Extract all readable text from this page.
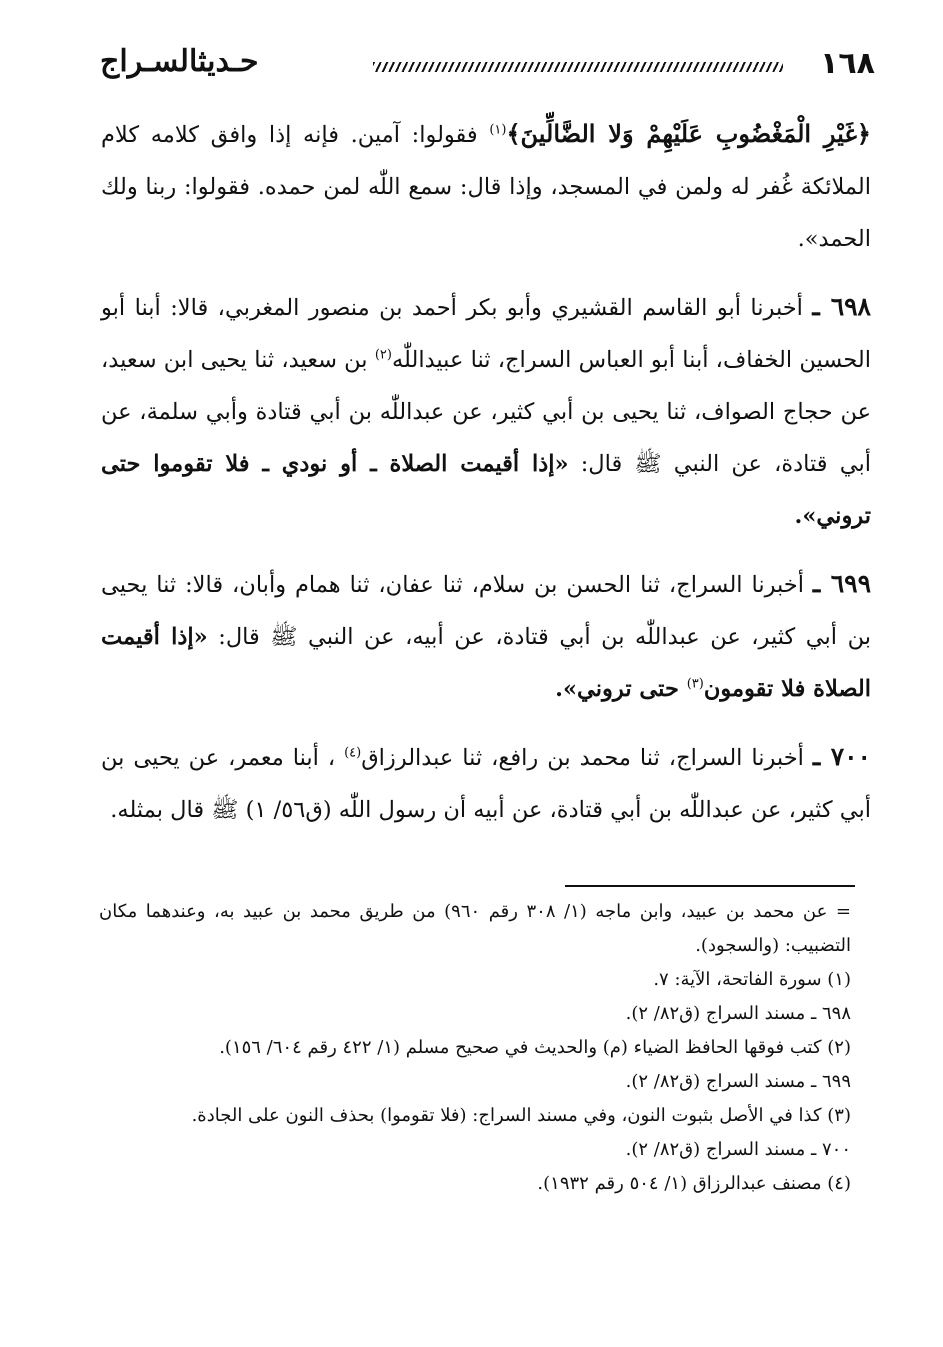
١٦٨
حـديثالسـراج

﴿غَيْرِ الْمَغْضُوبِ عَلَيْهِمْ وَلا الضَّالِّينَ﴾$^{(١)}$ فقولوا: آمين. فإنه إذا وافق كلامه كلام الملائكة غُفر له ولمن في المسجد، وإذا قال: سمع اللّٰه لمن حمده. فقولوا: ربنا ولك الحمد».

٦٩٨ ـ أخبرنا أبو القاسم القشيري وأبو بكر أحمد بن منصور المغربي، قالا: أبنا أبو الحسين الخفاف، أبنا أبو العباس السراج، ثنا عبيداللّٰه$^{(٢)}$ بن سعيد، ثنا يحيى ابن سعيد، عن حجاج الصواف، ثنا يحيى بن أبي كثير، عن عبداللّٰه بن أبي قتادة وأبي سلمة، عن أبي قتادة، عن النبي ﷺ قال: «إذا أقيمت الصلاة ـ أو نودي ـ فلا تقوموا حتى تروني».

٦٩٩ ـ أخبرنا السراج، ثنا الحسن بن سلام، ثنا عفان، ثنا همام وأبان، قالا: ثنا يحيى بن أبي كثير، عن عبداللّٰه بن أبي قتادة، عن أبيه، عن النبي ﷺ قال: «إذا أقيمت الصلاة فلا تقومون$^{(٣)}$ حتى تروني».

٧٠٠ ـ أخبرنا السراج، ثنا محمد بن رافع، ثنا عبدالرزاق$^{(٤)}$ ، أبنا معمر، عن يحيى بن أبي كثير، عن عبداللّٰه بن أبي قتادة، عن أبيه أن رسول اللّٰه (ق٥٦/ ١) ﷺ قال بمثله.

= عن محمد بن عبيد، وابن ماجه (١/ ٣٠٨ رقم ٩٦٠) من طريق محمد بن عبيد به، وعندهما مكان التضبيب: (والسجود).

(١) سورة الفاتحة، الآية: ٧.

٦٩٨ ـ مسند السراج (ق٨٢/ ٢).

(٢) كتب فوقها الحافظ الضياء (م) والحديث في صحيح مسلم (١/ ٤٢٢ رقم ٦٠٤/ ١٥٦).

٦٩٩ ـ مسند السراج (ق٨٢/ ٢).

(٣) كذا في الأصل بثبوت النون، وفي مسند السراج: (فلا تقوموا) بحذف النون على الجادة.

٧٠٠ ـ مسند السراج (ق٨٢/ ٢).

(٤) مصنف عبدالرزاق (١/ ٥٠٤ رقم ١٩٣٢).
